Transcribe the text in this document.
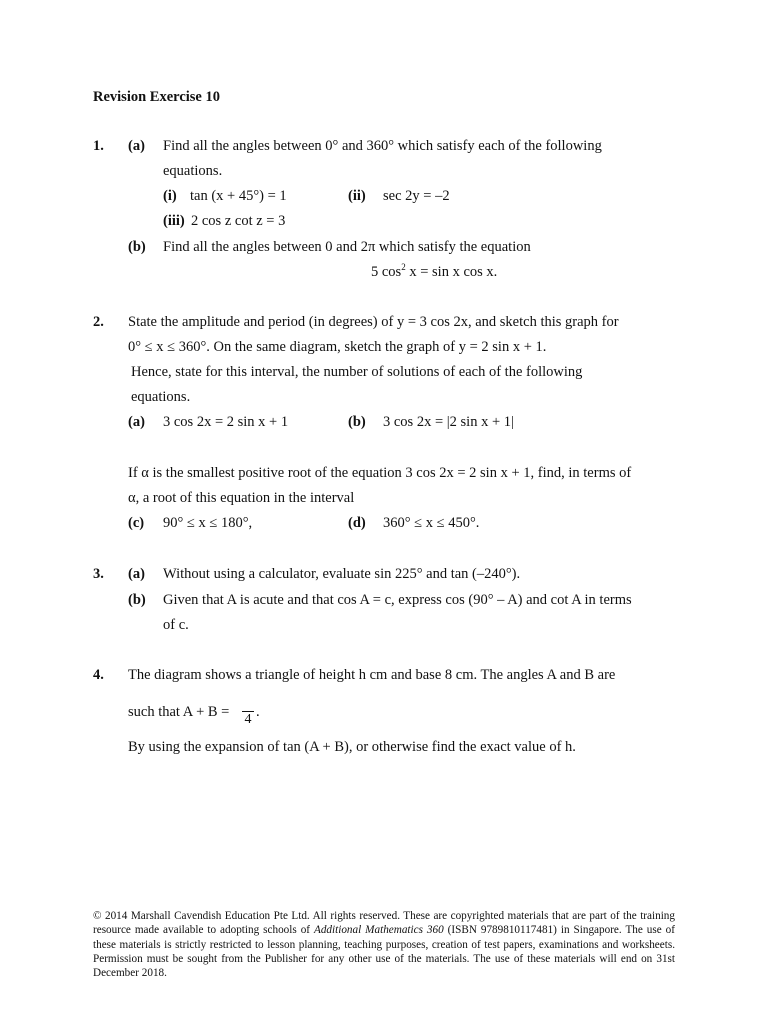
Revision Exercise 10
1. (a) Find all the angles between 0° and 360° which satisfy each of the following
equations.
(i) tan (x + 45°) = 1	(ii) sec 2y = –2
(iii) 2 cos z cot z = 3
(b) Find all the angles between 0 and 2π which satisfy the equation
5 $\cos^2 x = \sin x$ cos x.
2. State the amplitude and period (in degrees) of y = 3 cos 2x, and sketch this graph for
0° ≤ x ≤ 360°. On the same diagram, sketch the graph of y = 2 sin x + 1.
Hence, state for this interval, the number of solutions of each of the following
equations.
(a) 3 cos 2x = 2 sin x + 1	(b) 3 cos 2x = |2 sin x + 1|
If α is the smallest positive root of the equation 3 cos 2x = 2 sin x + 1, find, in terms of
α, a root of this equation in the interval
(c) 90° ≤ x ≤ 180°,	(d) 360° ≤ x ≤ 450°.
3. (a) Without using a calculator, evaluate sin 225° and tan (–240°).
(b) Given that A is acute and that cos A = c, express cos (90° – A) and cot A in terms
of c.
4. The diagram shows a triangle of height h cm and base 8 cm. The angles A and B are
such that A + B =	4 .
By using the expansion of tan (A + B), or otherwise find the exact value of h.
© 2014 Marshall Cavendish Education Pte Ltd. All rights reserved. These are copyrighted materials that are part of the training resource made available to adopting schools of Additional Mathematics 360 (ISBN 9789810117481) in Singapore. The use of these materials is strictly restricted to lesson planning, teaching purposes, creation of test papers, examinations and worksheets. Permission must be sought from the Publisher for any other use of the materials. The use of these materials will end on 31st December 2018.
